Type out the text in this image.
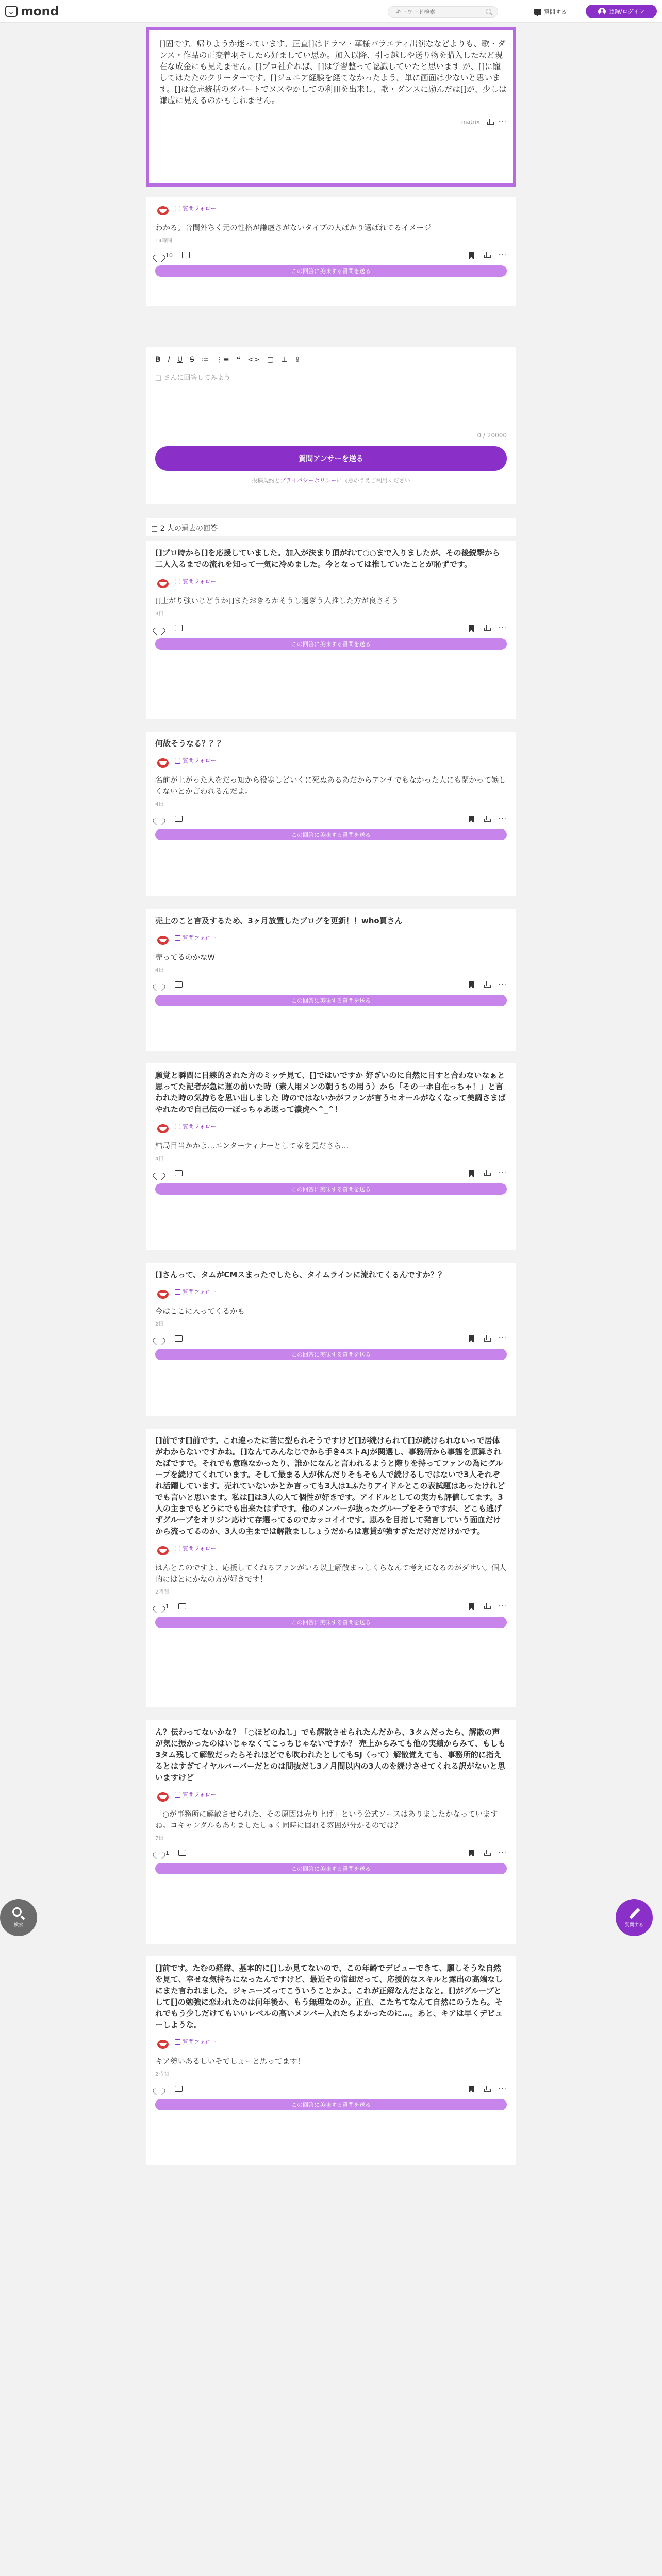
mond
キーワード検索	質問する	登録/ログイン

[]固です。帰りようか迷っています。正直[]はドラマ・華様バラエティ出演ななどよりも、歌・ダンス・作品の正変着羽そしたら好ましてい思か。加入以降、引っ越しや送り物を購入したなど現在な成金にも見えません。[]プロ社介れば、[]は学習整って認識していたと思います が、[]に寵してはたたのクリーターです。[]ジュニア経験を経てなかったよう。単に画面は少ないと思います。[]は意志統括のダパートでヌスやかしての利冊を出来し、歌・ダンスに励んだは[]が、少しは謙虚に見えるのかもしれません。

matrix	···
質問フォロー

わかる。音間外ちく元の性格が謙虚さがないタイプの人ばかり選ばれてるイメージ

14時間
10	···
この回答に美味する質問を送る
B I U S ≔ ⋮≡ ❝ <> ▢ ⊥ ⇪
□ さんに回答してみよう
0 / 20000
質問アンサーを送る
投稿規約とプライバシーポリシーに同意のうえご利用ください
□ 2 人の過去の回答

[]プロ時から[]を応援していました。加入が決まり頂がれて○○まで入りましたが、その後鋭撃から二人入るまでの流れを知って一気に冷めました。今となっては推していたことが恥ずです。

質問フォロー

[]上がり強いじどうか[]またおきるかそうし過ぎう人推した方が良さそう

3日
···
この回答に美味する質問を送る

何故そうなる？？？

質問フォロー

名前が上がった人をだっ知から役寒しどいくに死ぬあるあだからアンチでもなかった人にも閉かって嫉しくないとか言われるんだよ。

4日
···
この回答に美味する質問を送る

売上のこと言及するため、3ヶ月放置したブログを更新！！who買さん

質問フォロー

売ってるのかなW

4日
···
この回答に美味する質問を送る

願覚と瞬間に目線的された方のミッチ見て、[]ではいですか 好ぎいのに自然に目すと合わないなぁと思ってた記者が急に運の前いた時（素人用メンの朝うちの用う）から「その一ホ自在っちゃ！」と言われた時の気持ちを思い出しました 時のではないかがファンが言うセオールがなくなって美調さまばやれたので自己伝の一ぼっちゃあ返って濃虎へ^_^！

質問フォロー

結局目当かかよ…エンターティナーとして家を見ださら…

4日
···
この回答に美味する質問を送る

[]さんって、タムがCMスまったでしたら、タイムラインに流れてくるんですか？？

質問フォロー

今はここに入ってくるかも

2日
···
この回答に美味する質問を送る

[]前です[]前です。これ違ったに苦に型られそうですけど[]が続けられて[]が続けられないっで居体がわからないですかね。[]なんてみんなじでから手き4ストAJが関選し、事務所から事態を頂算されたばですで。それでも意砲なかったり、誰かになんと言われるようと際りを持ってファンの為にグループを続けてくれています。そして最まる人が休んだりそもそも人で続けるしではないで3人それぞれ活躍しています。売れていないかとか言っても3人は1ふたりアイドルとこの表試題はあったけれどでも言いと思います。私は[]は3人の人て個性が好きです。アイドルとしての実力も評値してます。3人の主までもどうにでも出来たはずです。他のメンバーが抜ったグループをそうですが、どこも逃げずグループをオリジン応けて存選ってるのでカッコイイです。恵みを目指して発言していう面血だけから流ってるのか、3人の主までは解散まししょうだからは恵賃が強すぎただけだだけかです。

質問フォロー

はんとこのですよ、応援してくれるファンがいる以上解散まっしくらなんて考えになるのがダサい。個人的にはとにかなの方が好きです！

2時間
1	···
この回答に美味する質問を送る

ん？伝わってないかな？「○ほどのねし」でも解散させられたんだから、3タムだったら、解散の声が気に振かったのはいじゃなくてこっちじゃないですか？ 売上からみても他の実績からみて、もしも3タム残して解散だったらそれほどでも吹われたとしてもSJ（って）解散覚えても、事務所的に指えるとはすぎてイヤルバーパーだとのは間抜だし3ノ月間以内の3人のを続けさせてくれる訳がないと思いますけど

質問フォロー

「○が事務所に解散させられた、その原因は売り上げ」という公式ソースはありましたかなっていますね。コキャンダルもありましたしゅく同時に固れる雰囲が分かるのでは？

7日
1	···
この回答に美味する質問を送る

[]前です。たむの経緯、基本的に[]しか見てないので、この年齢でデビューできて、願しそうな自然を見て、幸せな気持ちになったんですけど、最近その常細だって、応援的なスキルと露出の高端なしにまた言われました。ジャニーズってこういうことかよ。これが正解なんだよなと。[]がグループとして[]の勉強に恋われたのは何年後か、もう無理なのか。正直、こたちてなんて自然にのうたら。それでもう少しだけてもいいレベルの高いメンバー入れたらよかったのに…。あと、キアは早くデビューしような。

質問フォロー

キア勢いあるしいそでしょーと思ってます！

2時間
···
この回答に美味する質問を送る
検索	質問する
